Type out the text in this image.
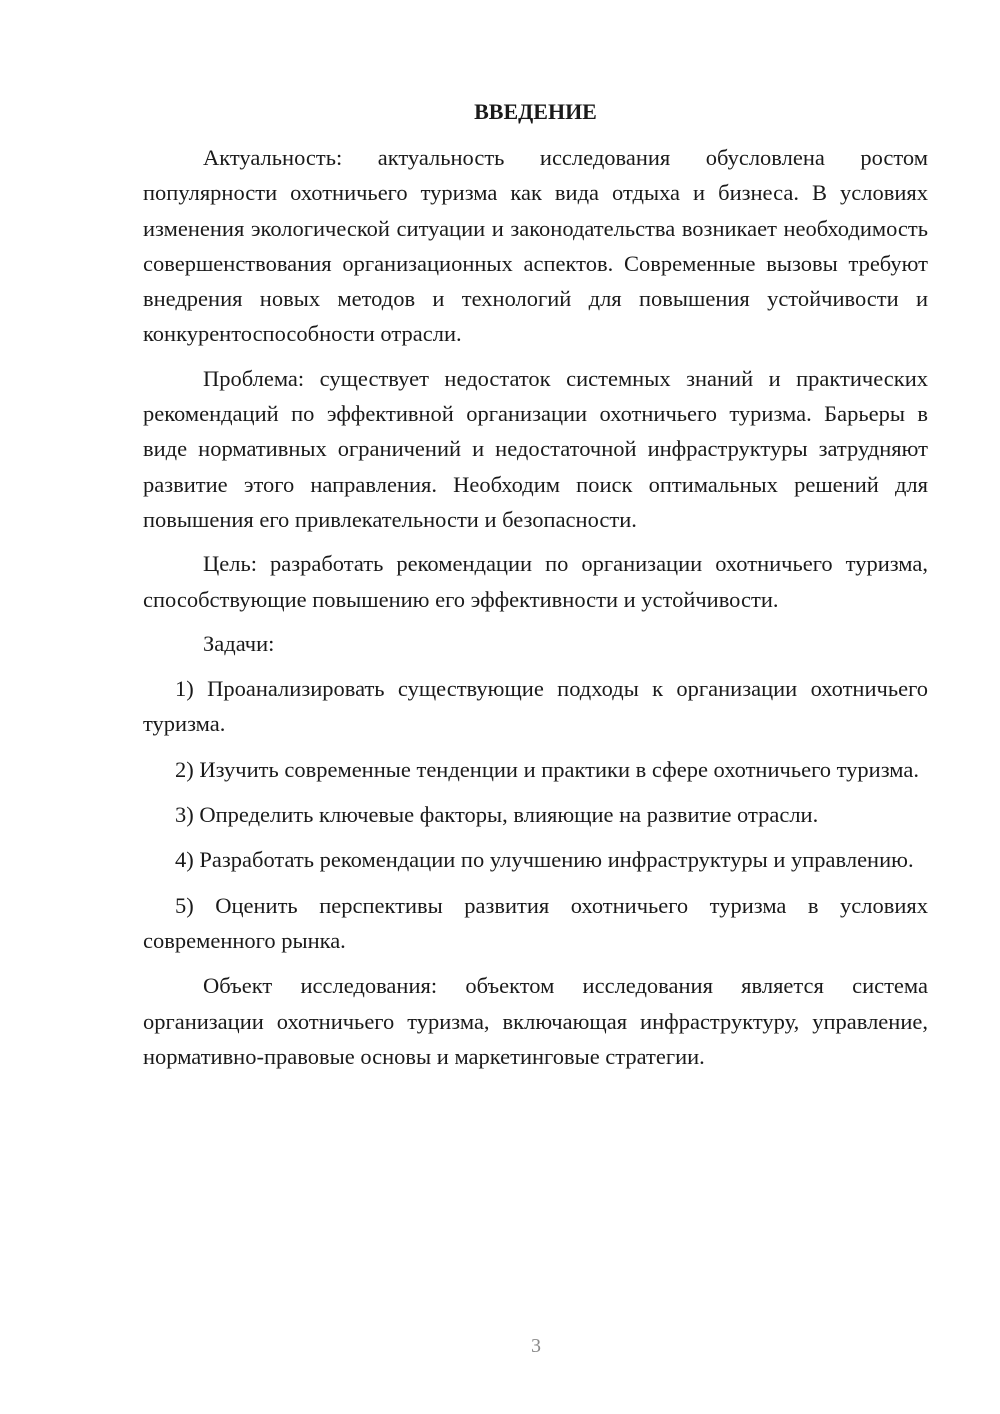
ВВЕДЕНИЕ

Актуальность: актуальность исследования обусловлена ростом популярности охотничьего туризма как вида отдыха и бизнеса. В условиях изменения экологической ситуации и законодательства возникает необходимость совершенствования организационных аспектов. Современные вызовы требуют внедрения новых методов и технологий для повышения устойчивости и конкурентоспособности отрасли.

Проблема: существует недостаток системных знаний и практических рекомендаций по эффективной организации охотничьего туризма. Барьеры в виде нормативных ограничений и недостаточной инфраструктуры затрудняют развитие этого направления. Необходим поиск оптимальных решений для повышения его привлекательности и безопасности.

Цель: разработать рекомендации по организации охотничьего туризма, способствующие повышению его эффективности и устойчивости.

Задачи:

1) Проанализировать существующие подходы к организации охотничьего туризма.

2) Изучить современные тенденции и практики в сфере охотничьего туризма.

3) Определить ключевые факторы, влияющие на развитие отрасли.

4) Разработать рекомендации по улучшению инфраструктуры и управлению.

5) Оценить перспективы развития охотничьего туризма в условиях современного рынка.

Объект исследования: объектом исследования является система организации охотничьего туризма, включающая инфраструктуру, управление, нормативно-правовые основы и маркетинговые стратегии.

3
